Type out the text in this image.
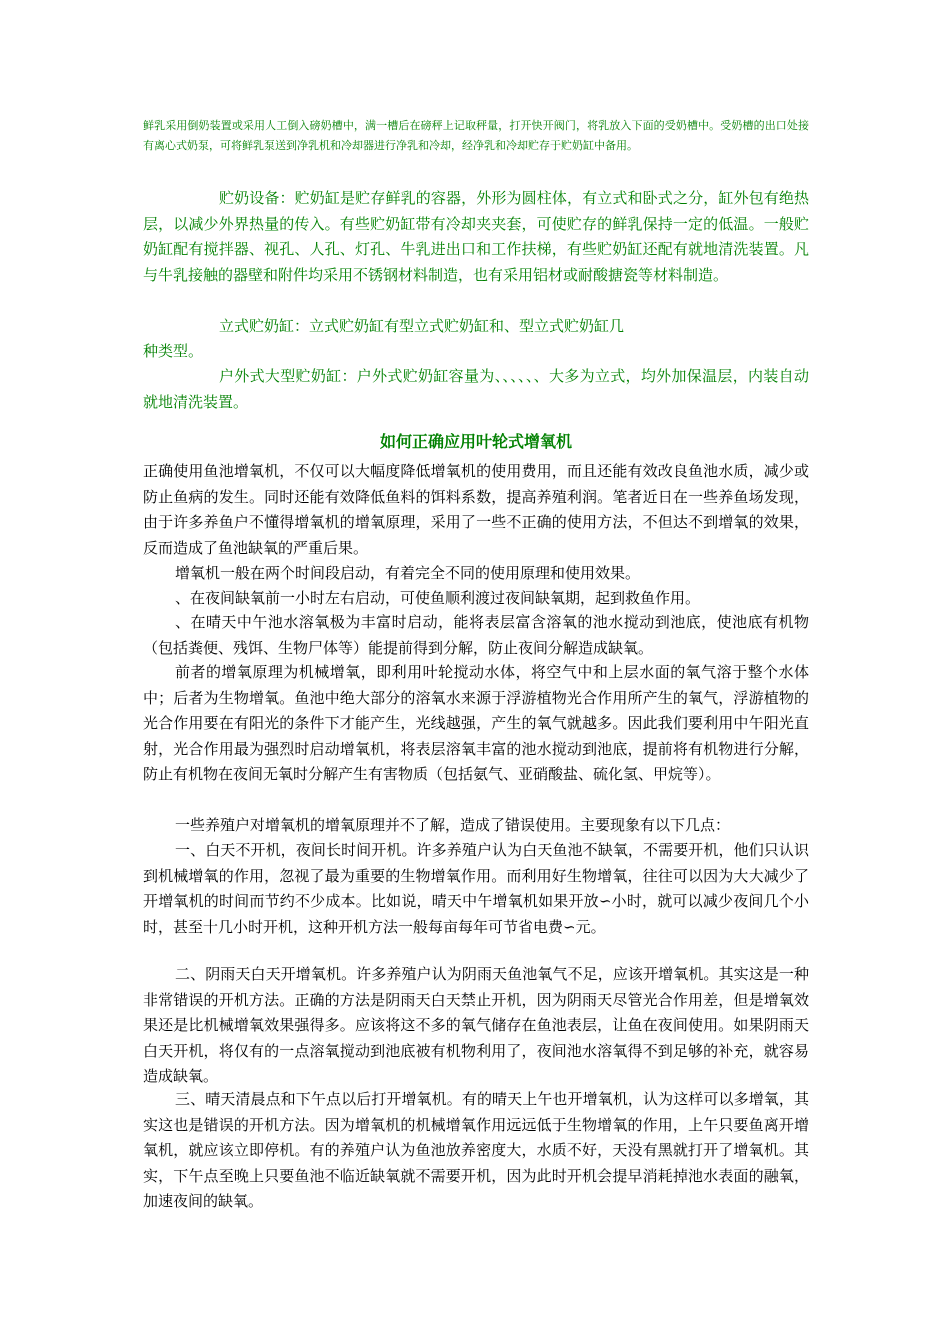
鲜乳采用倒奶装置或采用人工倒入磅奶槽中，满一槽后在磅秤上记取秤量，打开快开阀门，将乳放入下面的受奶槽中。受奶槽的出口处接有离心式奶泵，可将鲜乳泵送到净乳机和冷却器进行净乳和冷却，经净乳和冷却贮存于贮奶缸中备用。

贮奶设备：贮奶缸是贮存鲜乳的容器，外形为圆柱体，有立式和卧式之分，缸外包有绝热层，以减少外界热量的传入。有些贮奶缸带有冷却夹夹套，可使贮存的鲜乳保持一定的低温。一般贮奶缸配有搅拌器、视孔、人孔、灯孔、牛乳进出口和工作扶梯，有些贮奶缸还配有就地清洗装置。凡与牛乳接触的器壁和附件均采用不锈钢材料制造，也有采用铝材或耐酸搪瓷等材料制造。

立式贮奶缸：立式贮奶缸有型立式贮奶缸和、型立式贮奶缸几

种类型。

户外式大型贮奶缸：户外式贮奶缸容量为、、、、、、大多为立式，均外加保温层，内装自动就地清洗装置。

如何正确应用叶轮式增氧机

正确使用鱼池增氧机，不仅可以大幅度降低增氧机的使用费用，而且还能有效改良鱼池水质，减少或防止鱼病的发生。同时还能有效降低鱼料的饵料系数，提高养殖利润。笔者近日在一些养鱼场发现，由于许多养鱼户不懂得增氧机的增氧原理，采用了一些不正确的使用方法，不但达不到增氧的效果，反而造成了鱼池缺氧的严重后果。

增氧机一般在两个时间段启动，有着完全不同的使用原理和使用效果。

、在夜间缺氧前一小时左右启动，可使鱼顺利渡过夜间缺氧期，起到救鱼作用。

、在晴天中午池水溶氧极为丰富时启动，能将表层富含溶氧的池水搅动到池底，使池底有机物（包括粪便、残饵、生物尸体等）能提前得到分解，防止夜间分解造成缺氧。

前者的增氧原理为机械增氧，即利用叶轮搅动水体，将空气中和上层水面的氧气溶于整个水体中；后者为生物增氧。鱼池中绝大部分的溶氧水来源于浮游植物光合作用所产生的氧气，浮游植物的光合作用要在有阳光的条件下才能产生，光线越强，产生的氧气就越多。因此我们要利用中午阳光直射，光合作用最为强烈时启动增氧机，将表层溶氧丰富的池水搅动到池底，提前将有机物进行分解，防止有机物在夜间无氧时分解产生有害物质（包括氨气、亚硝酸盐、硫化氢、甲烷等）。

一些养殖户对增氧机的增氧原理并不了解，造成了错误使用。主要现象有以下几点：

一、白天不开机，夜间长时间开机。许多养殖户认为白天鱼池不缺氧，不需要开机，他们只认识到机械增氧的作用，忽视了最为重要的生物增氧作用。而利用好生物增氧，往往可以因为大大减少了开增氧机的时间而节约不少成本。比如说，晴天中午增氧机如果开放∽小时，就可以减少夜间几个小时，甚至十几小时开机，这种开机方法一般每亩每年可节省电费∽元。

二、阴雨天白天开增氧机。许多养殖户认为阴雨天鱼池氧气不足，应该开增氧机。其实这是一种非常错误的开机方法。正确的方法是阴雨天白天禁止开机，因为阴雨天尽管光合作用差，但是增氧效果还是比机械增氧效果强得多。应该将这不多的氧气储存在鱼池表层，让鱼在夜间使用。如果阴雨天白天开机，将仅有的一点溶氧搅动到池底被有机物利用了，夜间池水溶氧得不到足够的补充，就容易造成缺氧。

三、晴天清晨点和下午点以后打开增氧机。有的晴天上午也开增氧机，认为这样可以多增氧，其实这也是错误的开机方法。因为增氧机的机械增氧作用远远低于生物增氧的作用，上午只要鱼离开增氧机，就应该立即停机。有的养殖户认为鱼池放养密度大，水质不好，天没有黑就打开了增氧机。其实，下午点至晚上只要鱼池不临近缺氧就不需要开机，因为此时开机会提早消耗掉池水表面的融氧，加速夜间的缺氧。
